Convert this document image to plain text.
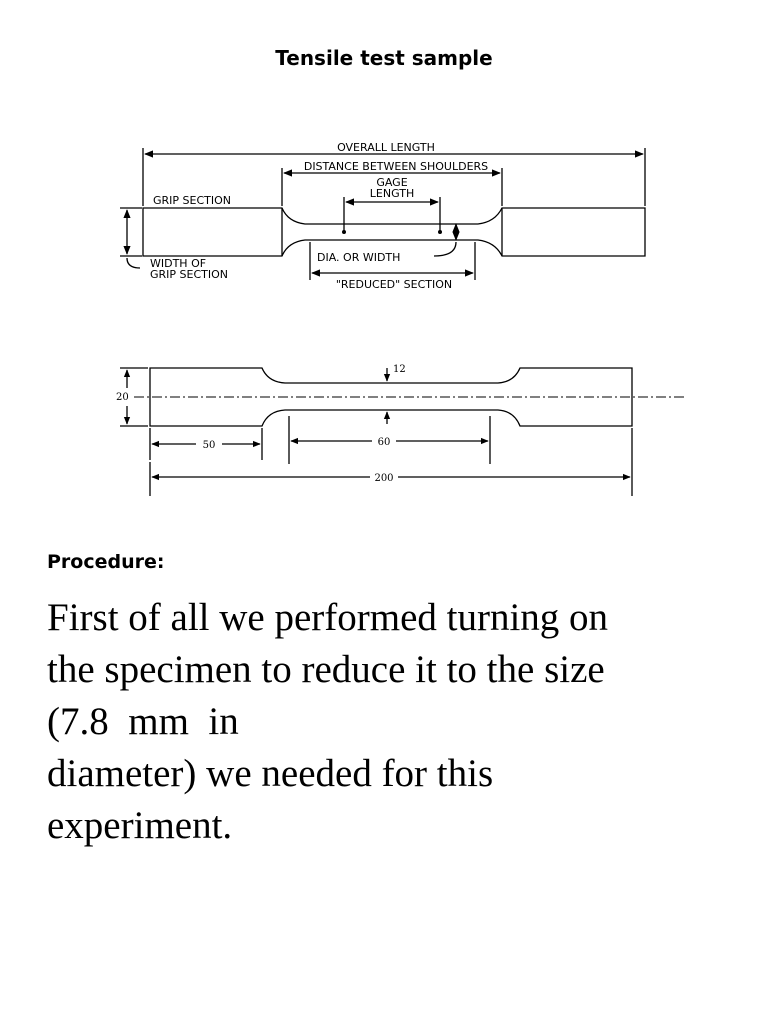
Tensile test sample
OVERALL LENGTH
DISTANCE BETWEEN SHOULDERS
GAGE
LENGTH
GRIP SECTION
WIDTH OF
GRIP SECTION
DIA. OR WIDTH
"REDUCED" SECTION
12
20
50	60
200
Procedure:

First of all we performed turning on
the specimen to reduce it to the size
(7.8  mm  in
diameter) we needed for this
experiment.
